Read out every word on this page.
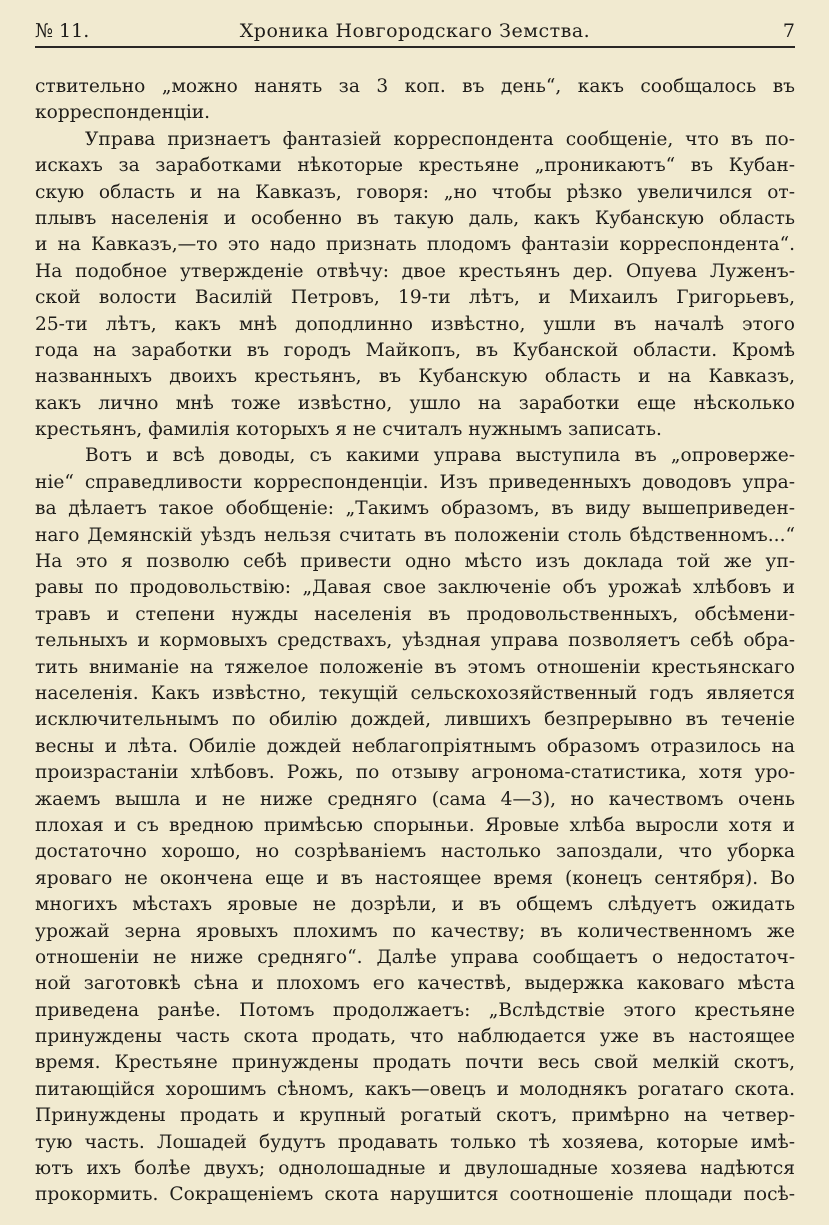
№ 11.	Хроника Новгородскаго Земства.	7
ствительно „можно нанять за 3 коп. въ день“, какъ сообщалось въ
корреспонденціи.
Управа признаетъ фантазіей корреспондента сообщеніе, что въ по-
искахъ за заработками нѣкоторые крестьяне „проникаютъ“ въ Кубан-
скую область и на Кавказъ, говоря: „но чтобы рѣзко увеличился от-
плывъ населенія и особенно въ такую даль, какъ Кубанскую область
и на Кавказъ,—то это надо признать плодомъ фантазіи корреспондента“.
На подобное утвержденіе отвѣчу: двое крестьянъ дер. Опуева Луженъ-
ской волости Василій Петровъ, 19-ти лѣтъ, и Михаилъ Григорьевъ,
25-ти лѣтъ, какъ мнѣ доподлинно извѣстно, ушли въ началѣ этого
года на заработки въ городъ Майкопъ, въ Кубанской области. Кромѣ
названныхъ двоихъ крестьянъ, въ Кубанскую область и на Кавказъ,
какъ лично мнѣ тоже извѣстно, ушло на заработки еще нѣсколько
крестьянъ, фамилія которыхъ я не считалъ нужнымъ записать.
Вотъ и всѣ доводы, съ какими управа выступила въ „опроверже-
ніе“ справедливости корреспонденціи. Изъ приведенныхъ доводовъ упра-
ва дѣлаетъ такое обобщеніе: „Такимъ образомъ, въ виду вышеприведен-
наго Демянскій уѣздъ нельзя считать въ положеніи столь бѣдственномъ...“
На это я позволю себѣ привести одно мѣсто изъ доклада той же уп-
равы по продовольствію: „Давая свое заключеніе объ урожаѣ хлѣбовъ и
травъ и степени нужды населенія въ продовольственныхъ, обсѣмени-
тельныхъ и кормовыхъ средствахъ, уѣздная управа позволяетъ себѣ обра-
тить вниманіе на тяжелое положеніе въ этомъ отношеніи крестьянскаго
населенія. Какъ извѣстно, текущій сельскохозяйственный годъ является
исключительнымъ по обилію дождей, лившихъ безпрерывно въ теченіе
весны и лѣта. Обиліе дождей неблагопріятнымъ образомъ отразилось на
произрастаніи хлѣбовъ. Рожь, по отзыву агронома-статистика, хотя уро-
жаемъ вышла и не ниже средняго (сама 4—3), но качествомъ очень
плохая и съ вредною примѣсью спорыньи. Яровые хлѣба выросли хотя и
достаточно хорошо, но созрѣваніемъ настолько запоздали, что уборка
яроваго не окончена еще и въ настоящее время (конецъ сентября). Во
многихъ мѣстахъ яровые не дозрѣли, и въ общемъ слѣдуетъ ожидать
урожай зерна яровыхъ плохимъ по качеству; въ количественномъ же
отношеніи не ниже средняго“. Далѣе управа сообщаетъ о недостаточ-
ной заготовкѣ сѣна и плохомъ его качествѣ, выдержка каковаго мѣста
приведена ранѣе. Потомъ продолжаетъ: „Вслѣдствіе этого крестьяне
принуждены часть скота продать, что наблюдается уже въ настоящее
время. Крестьяне принуждены продать почти весь свой мелкій скотъ,
питающійся хорошимъ сѣномъ, какъ—овецъ и молоднякъ рогатаго скота.
Принуждены продать и крупный рогатый скотъ, примѣрно на четвер-
тую часть. Лошадей будутъ продавать только тѣ хозяева, которые имѣ-
ютъ ихъ болѣе двухъ; однолошадные и двулошадные хозяева надѣются
прокормить. Сокращеніемъ скота нарушится соотношеніе площади посѣ-
